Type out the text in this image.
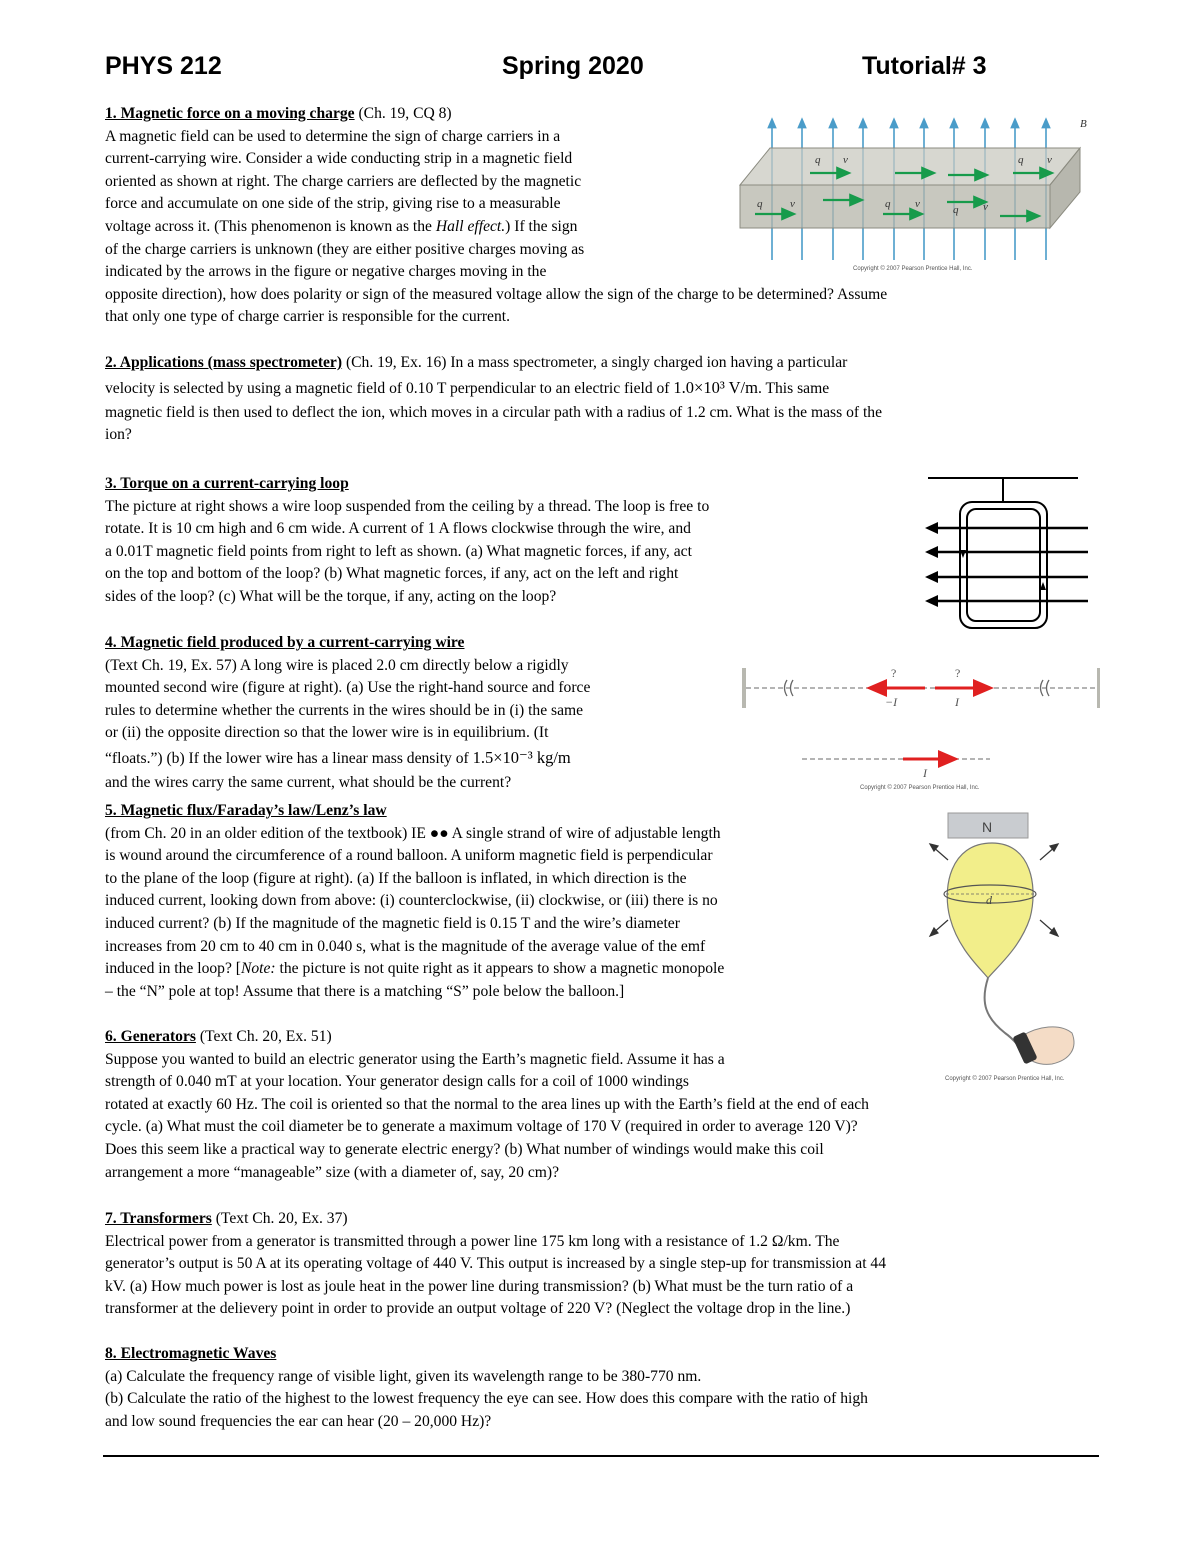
PHYS 212	Spring 2020	Tutorial# 3

1. Magnetic force on a moving charge (Ch. 19, CQ 8)

A magnetic field can be used to determine the sign of charge carriers in a

current-carrying wire. Consider a wide conducting strip in a magnetic field

oriented as shown at right. The charge carriers are deflected by the magnetic

force and accumulate on one side of the strip, giving rise to a measurable

voltage across it. (This phenomenon is known as the Hall effect.) If the sign

of the charge carriers is unknown (they are either positive charges moving as

indicated by the arrows in the figure or negative charges moving in the

opposite direction), how does polarity or sign of the measured voltage allow the sign of the charge to be determined? Assume

that only one type of charge carrier is responsible for the current.

B
q v	q v
q	v	q v	q v
Copyright © 2007 Pearson Prentice Hall, Inc.

2. Applications (mass spectrometer) (Ch. 19, Ex. 16) In a mass spectrometer, a singly charged ion having a particular

velocity is selected by using a magnetic field of 0.10 T perpendicular to an electric field of 1.0×10³ V/m. This same

magnetic field is then used to deflect the ion, which moves in a circular path with a radius of 1.2 cm. What is the mass of the

ion?

3. Torque on a current-carrying loop

The picture at right shows a wire loop suspended from the ceiling by a thread. The loop is free to

rotate. It is 10 cm high and 6 cm wide. A current of 1 A flows clockwise through the wire, and

a 0.01T magnetic field points from right to left as shown. (a) What magnetic forces, if any, act

on the top and bottom of the loop? (b) What magnetic forces, if any, act on the left and right

sides of the loop? (c) What will be the torque, if any, acting on the loop?

4. Magnetic field produced by a current-carrying wire

(Text Ch. 19, Ex. 57) A long wire is placed 2.0 cm directly below a rigidly

mounted second wire (figure at right). (a) Use the right-hand source and force

rules to determine whether the currents in the wires should be in (i) the same

or (ii) the opposite direction so that the lower wire is in equilibrium. (It

“floats.”) (b) If the lower wire has a linear mass density of 1.5×10⁻³ kg/m

and the wires carry the same current, what should be the current?

?	?
−I	I
I
Copyright © 2007 Pearson Prentice Hall, Inc.

5. Magnetic flux/Faraday’s law/Lenz’s law

(from Ch. 20 in an older edition of the textbook) IE ●● A single strand of wire of adjustable length

is wound around the circumference of a round balloon. A uniform magnetic field is perpendicular

to the plane of the loop (figure at right). (a) If the balloon is inflated, in which direction is the

induced current, looking down from above: (i) counterclockwise, (ii) clockwise, or (iii) there is no

induced current? (b) If the magnitude of the magnetic field is 0.15 T and the wire’s diameter

increases from 20 cm to 40 cm in 0.040 s, what is the magnitude of the average value of the emf

induced in the loop? [Note: the picture is not quite right as it appears to show a magnetic monopole

– the “N” pole at top! Assume that there is a matching “S” pole below the balloon.]

N
d
Copyright © 2007 Pearson Prentice Hall, Inc.

6. Generators (Text Ch. 20, Ex. 51)

Suppose you wanted to build an electric generator using the Earth’s magnetic field. Assume it has a

strength of 0.040 mT at your location. Your generator design calls for a coil of 1000 windings

rotated at exactly 60 Hz. The coil is oriented so that the normal to the area lines up with the Earth’s field at the end of each

cycle. (a) What must the coil diameter be to generate a maximum voltage of 170 V (required in order to average 120 V)?

Does this seem like a practical way to generate electric energy? (b) What number of windings would make this coil

arrangement a more “manageable” size (with a diameter of, say, 20 cm)?

7. Transformers (Text Ch. 20, Ex. 37)

Electrical power from a generator is transmitted through a power line 175 km long with a resistance of 1.2 Ω/km. The

generator’s output is 50 A at its operating voltage of 440 V. This output is increased by a single step-up for transmission at 44

kV. (a) How much power is lost as joule heat in the power line during transmission? (b) What must be the turn ratio of a

transformer at the delievery point in order to provide an output voltage of 220 V? (Neglect the voltage drop in the line.)

8. Electromagnetic Waves

(a) Calculate the frequency range of visible light, given its wavelength range to be 380-770 nm.

(b) Calculate the ratio of the highest to the lowest frequency the eye can see. How does this compare with the ratio of high

and low sound frequencies the ear can hear (20 – 20,000 Hz)?
